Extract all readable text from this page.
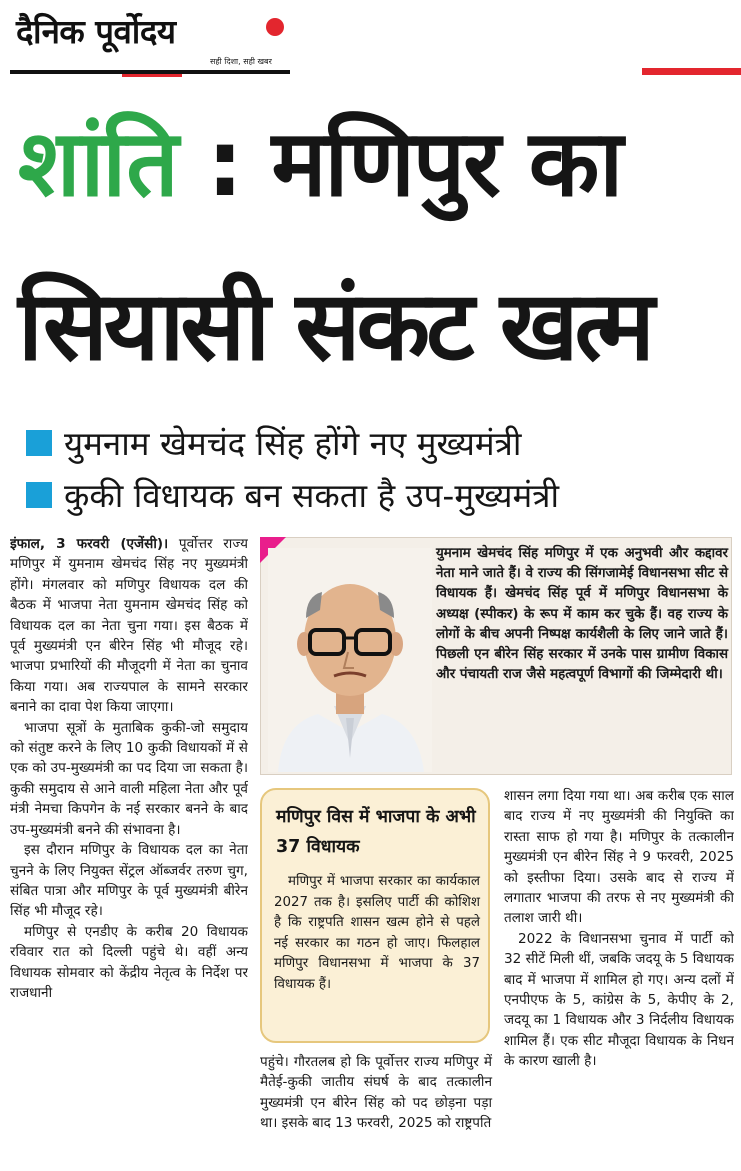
दैनिक पूर्वोदय
सही दिशा, सही खबर
शांति : मणिपुर का
सियासी संकट खत्म
युमनाम खेमचंद सिंह होंगे नए मुख्यमंत्री
कुकी विधायक बन सकता है उप-मुख्यमंत्री

इंफाल, 3 फरवरी (एजेंसी)। पूर्वोत्तर राज्य मणिपुर में युमनाम खेमचंद सिंह नए मुख्यमंत्री होंगे। मंगलवार को मणिपुर विधायक दल की बैठक में भाजपा नेता युमनाम खेमचंद सिंह को विधायक दल का नेता चुना गया। इस बैठक में पूर्व मुख्यमंत्री एन बीरेन सिंह भी मौजूद रहे। भाजपा प्रभारियों की मौजूदगी में नेता का चुनाव किया गया। अब राज्यपाल के सामने सरकार बनाने का दावा पेश किया जाएगा।

भाजपा सूत्रों के मुताबिक कुकी-जो समुदाय को संतुष्ट करने के लिए 10 कुकी विधायकों में से एक को उप-मुख्यमंत्री का पद दिया जा सकता है। कुकी समुदाय से आने वाली महिला नेता और पूर्व मंत्री नेमचा किपगेन के नई सरकार बनने के बाद उप-मुख्यमंत्री बनने की संभावना है।

इस दौरान मणिपुर के विधायक दल का नेता चुनने के लिए नियुक्त सेंट्रल ऑब्जर्वर तरुण चुग, संबित पात्रा और मणिपुर के पूर्व मुख्यमंत्री बीरेन सिंह भी मौजूद रहे।

मणिपुर से एनडीए के करीब 20 विधायक रविवार रात को दिल्ली पहुंचे थे। वहीं अन्य विधायक सोमवार को केंद्रीय नेतृत्व के निर्देश पर राजधानी

युमनाम खेमचंद सिंह मणिपुर में एक अनुभवी और कद्दावर नेता माने जाते हैं। वे राज्य की सिंगजामेई विधानसभा सीट से विधायक हैं। खेमचंद सिंह पूर्व में मणिपुर विधानसभा के अध्यक्ष (स्पीकर) के रूप में काम कर चुके हैं। वह राज्य के लोगों के बीच अपनी निष्पक्ष कार्यशैली के लिए जाने जाते हैं। पिछली एन बीरेन सिंह सरकार में उनके पास ग्रामीण विकास और पंचायती राज जैसे महत्वपूर्ण विभागों की जिम्मेदारी थी।
मणिपुर विस में भाजपा के अभी 37 विधायक
मणिपुर में भाजपा सरकार का कार्यकाल 2027 तक है। इसलिए पार्टी की कोशिश है कि राष्ट्रपति शासन खत्म होने से पहले नई सरकार का गठन हो जाए। फिलहाल मणिपुर विधानसभा में भाजपा के 37 विधायक हैं।
पहुंचे। गौरतलब हो कि पूर्वोत्तर राज्य मणिपुर में मैतेई-कुकी जातीय संघर्ष के बाद तत्कालीन मुख्यमंत्री एन बीरेन सिंह को पद छोड़ना पड़ा था। इसके बाद 13 फरवरी, 2025 को राष्ट्रपति

शासन लगा दिया गया था। अब करीब एक साल बाद राज्य में नए मुख्यमंत्री की नियुक्ति का रास्ता साफ हो गया है। मणिपुर के तत्कालीन मुख्यमंत्री एन बीरेन सिंह ने 9 फरवरी, 2025 को इस्तीफा दिया। उसके बाद से राज्य में लगातार भाजपा की तरफ से नए मुख्यमंत्री की तलाश जारी थी।

2022 के विधानसभा चुनाव में पार्टी को 32 सीटें मिली थीं, जबकि जदयू के 5 विधायक बाद में भाजपा में शामिल हो गए। अन्य दलों में एनपीएफ के 5, कांग्रेस के 5, केपीए के 2, जदयू का 1 विधायक और 3 निर्दलीय विधायक शामिल हैं। एक सीट मौजूदा विधायक के निधन के कारण खाली है।
